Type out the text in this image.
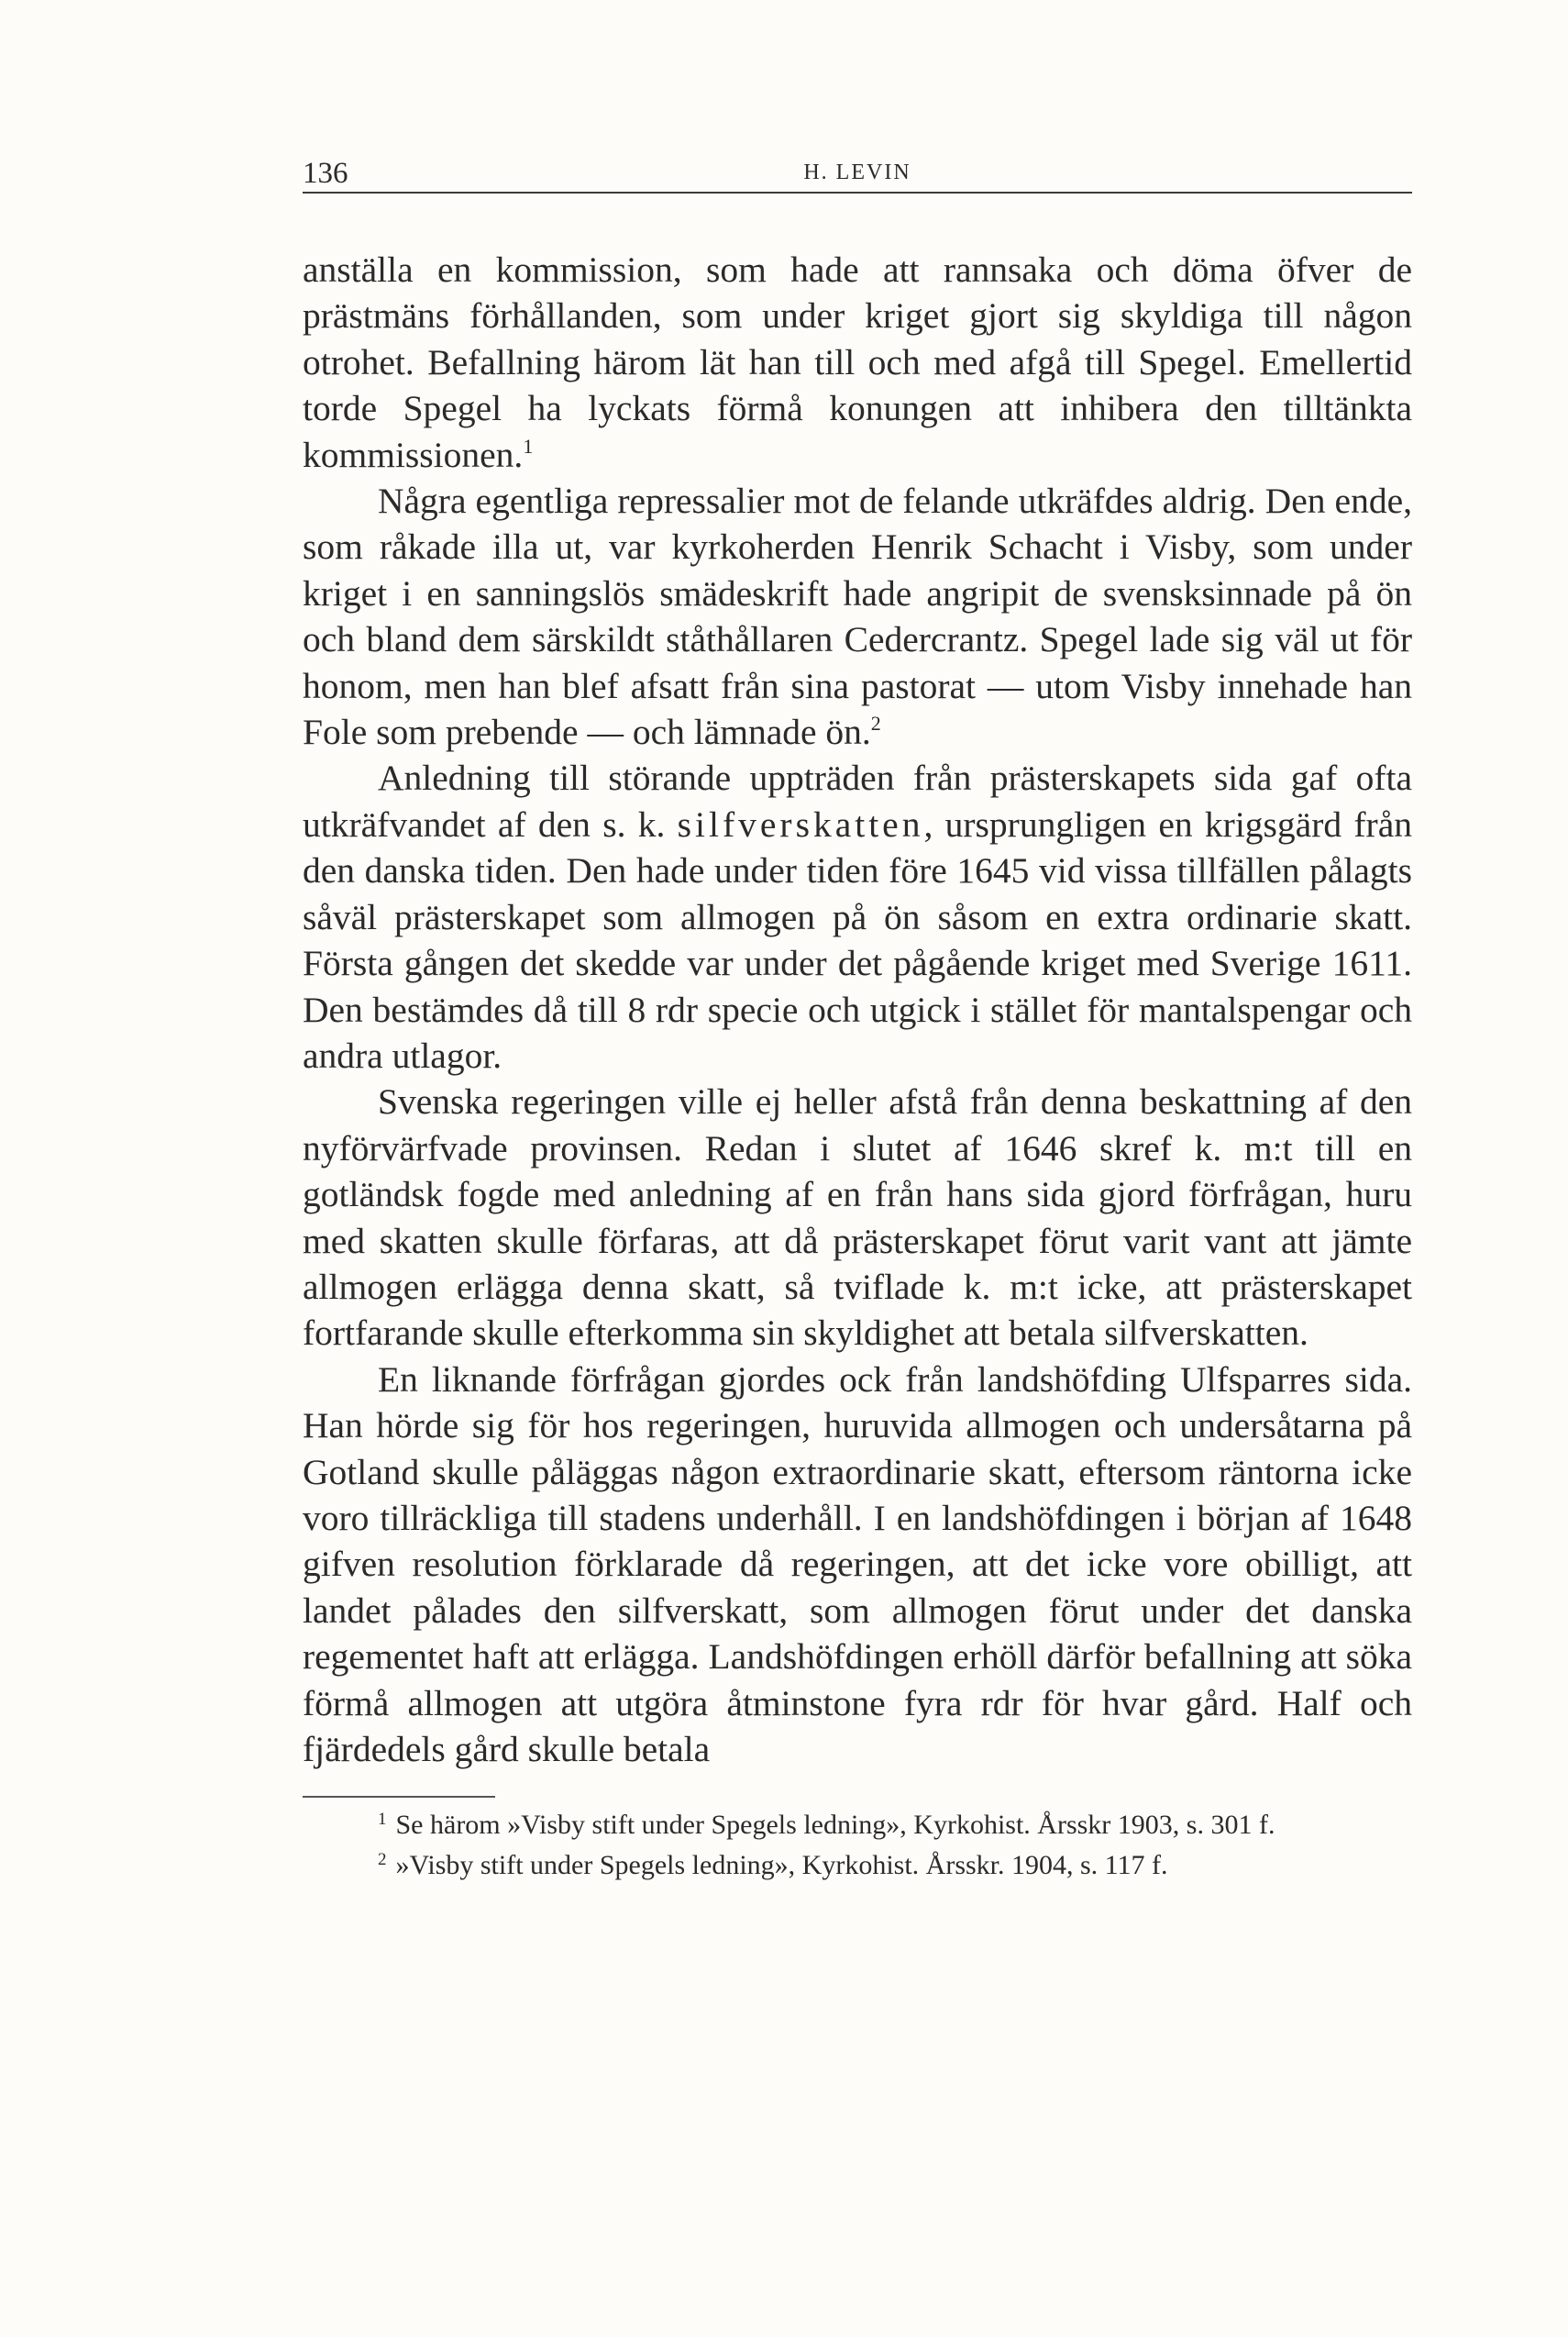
136	H. LEVIN

anställa en kommission, som hade att rannsaka och döma öfver de prästmäns förhållanden, som under kriget gjort sig skyldiga till någon otrohet. Befallning härom lät han till och med afgå till Spegel. Emellertid torde Spegel ha lyckats förmå konungen att inhibera den tilltänkta kommissionen.$^1$

Några egentliga repressalier mot de felande utkräfdes aldrig. Den ende, som råkade illa ut, var kyrkoherden Henrik Schacht i Visby, som under kriget i en sanningslös smädeskrift hade angripit de svensksinnade på ön och bland dem särskildt ståthållaren Cedercrantz. Spegel lade sig väl ut för honom, men han blef afsatt från sina pastorat — utom Visby innehade han Fole som prebende — och lämnade ön.$^2$

Anledning till störande uppträden från prästerskapets sida gaf ofta utkräfvandet af den s. k. silfverskatten, ursprungligen en krigsgärd från den danska tiden. Den hade under tiden före 1645 vid vissa tillfällen pålagts såväl prästerskapet som allmogen på ön såsom en extra ordinarie skatt. Första gången det skedde var under det pågående kriget med Sverige 1611. Den bestämdes då till 8 rdr specie och utgick i stället för mantalspengar och andra utlagor.

Svenska regeringen ville ej heller afstå från denna beskattning af den nyförvärfvade provinsen. Redan i slutet af 1646 skref k. m:t till en gotländsk fogde med anledning af en från hans sida gjord förfrågan, huru med skatten skulle förfaras, att då prästerskapet förut varit vant att jämte allmogen erlägga denna skatt, så tviflade k. m:t icke, att prästerskapet fortfarande skulle efterkomma sin skyldighet att betala silfverskatten.

En liknande förfrågan gjordes ock från landshöfding Ulfsparres sida. Han hörde sig för hos regeringen, huruvida allmogen och undersåtarna på Gotland skulle påläggas någon extraordinarie skatt, eftersom räntorna icke voro tillräckliga till stadens underhåll. I en landshöfdingen i början af 1648 gifven resolution förklarade då regeringen, att det icke vore obilligt, att landet pålades den silfverskatt, som allmogen förut under det danska regementet haft att erlägga. Landshöfdingen erhöll därför befallning att söka förmå allmogen att utgöra åtminstone fyra rdr för hvar gård. Half och fjärdedels gård skulle betala

$^1$ Se härom »Visby stift under Spegels ledning», Kyrkohist. Årsskr 1903, s. 301 f.

$^2$ »Visby stift under Spegels ledning», Kyrkohist. Årsskr. 1904, s. 117 f.
